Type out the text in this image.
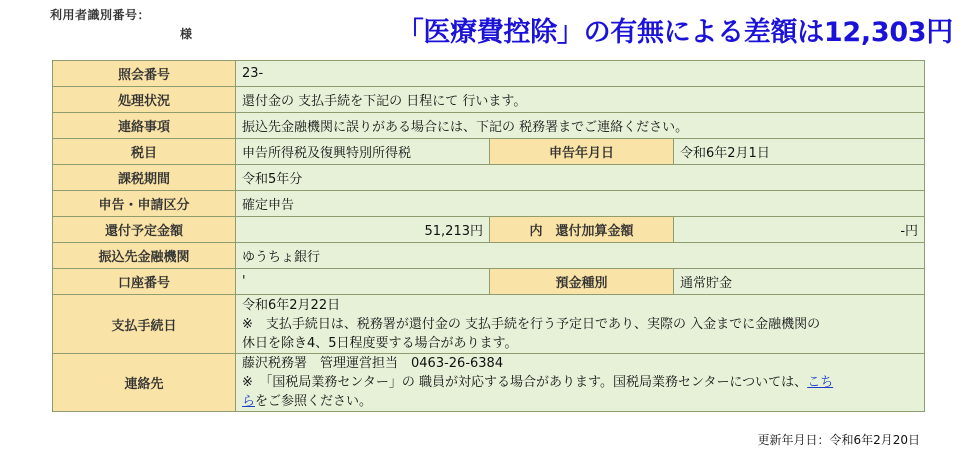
利用者識別番号：
様	「医療費控除」の有無による差額は12,303円
照会番号	23-		
処理状況	還付金の 支払手続を下記の 日程にて 行います。		
連絡事項	振込先金融機関に誤りがある場合には、下記の 税務署までご連絡ください。		
税目	申告所得税及復興特別所得税	申告年月日	令和6年2月1日
課税期間	令和5年分		
申告・申請区分	確定申告		
還付予定金額	51,213円	内　還付加算金額	-円
振込先金融機関	ゆうちょ銀行		
口座番号	'	預金種別	通常貯金
支払手続日	令和6年2月22日
※　支払手続日は、税務署が還付金の 支払手続を行う予定日であり、実際の 入金までに金融機関の
休日を除き4、5日程度要する場合があります。		

連絡先	藤沢税務署　管理運営担当　0463-26-6384
※　「国税局業務センター」の 職員が対応する場合があります。国税局業務センターについては、こち
らをご参照ください。		
更新年月日：令和6年2月20日
